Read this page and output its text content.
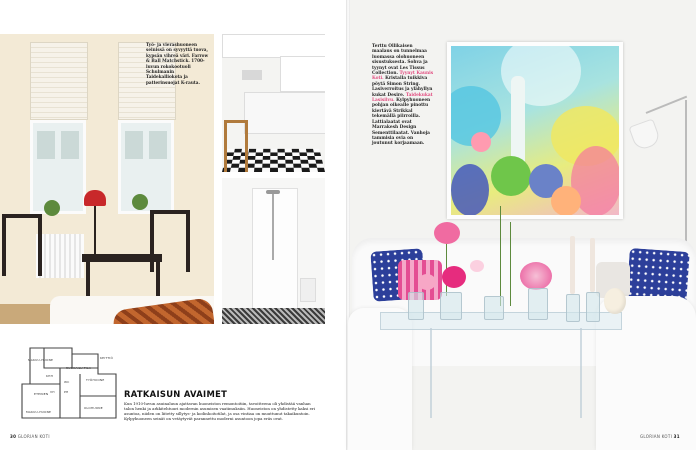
Työ- ja vierashuoneen seinissä on syvyyttä tuova, kypsän vihreä väri. Farrow & Ball Matchstick. 1700-luvun rokokootuoli Schulmanin Taidekalliokota ja patterinsuojat K-rauta.
MAKUU-HUONE
RUOKAILU-TILA
KEITTIÖ
TYÖHUONE
MAKUU-HUONE
OLOHUONE
KHH
VH	PH
WC
ETEINEN	RATKAISUN AVAIMET
Kun 1910-luvun asuinaluun ajattavan huoneiston remontoitiin, tavoitteena oli yhdistää vanhan talon henki ja arkkitehtuuri modernin asumisen vaatimuksiin. Huoneiston on yhdistetty kaksi eri asuntoa, niiden on liitetty sillytys- ja kodinhoitotilat, ja osa vintiaa on muuttunut takaikuntoin. Kylpyhuoneen seinät on vetäytyvät parannettu moderni asuntoon jopa eräs ovat.
30 GLORIAN KOTI
Terttu Ollikaisen maalaus on tunnelmaa luomassa olohuoneen sisustuksesta. Sohva ja tyynyt ovat Les Tissus Collection. Tyynyt Kaunis Koti. Kristalla tuikkiva pöytä Simon String. Lasiverroitus ja ylähyllyn kukat Desire. Taidekukat Lasisiivu. Kylpyhuoneen pohjan oikealle pinottu kiertävä Strikkal tekemällä piirroilla. Lattialaatat ovat Marrakesh Design Sementtilaatat. Vanhoja tammisia ovia on joutunut korjaamaan.
GLORIAN KOTI 31
